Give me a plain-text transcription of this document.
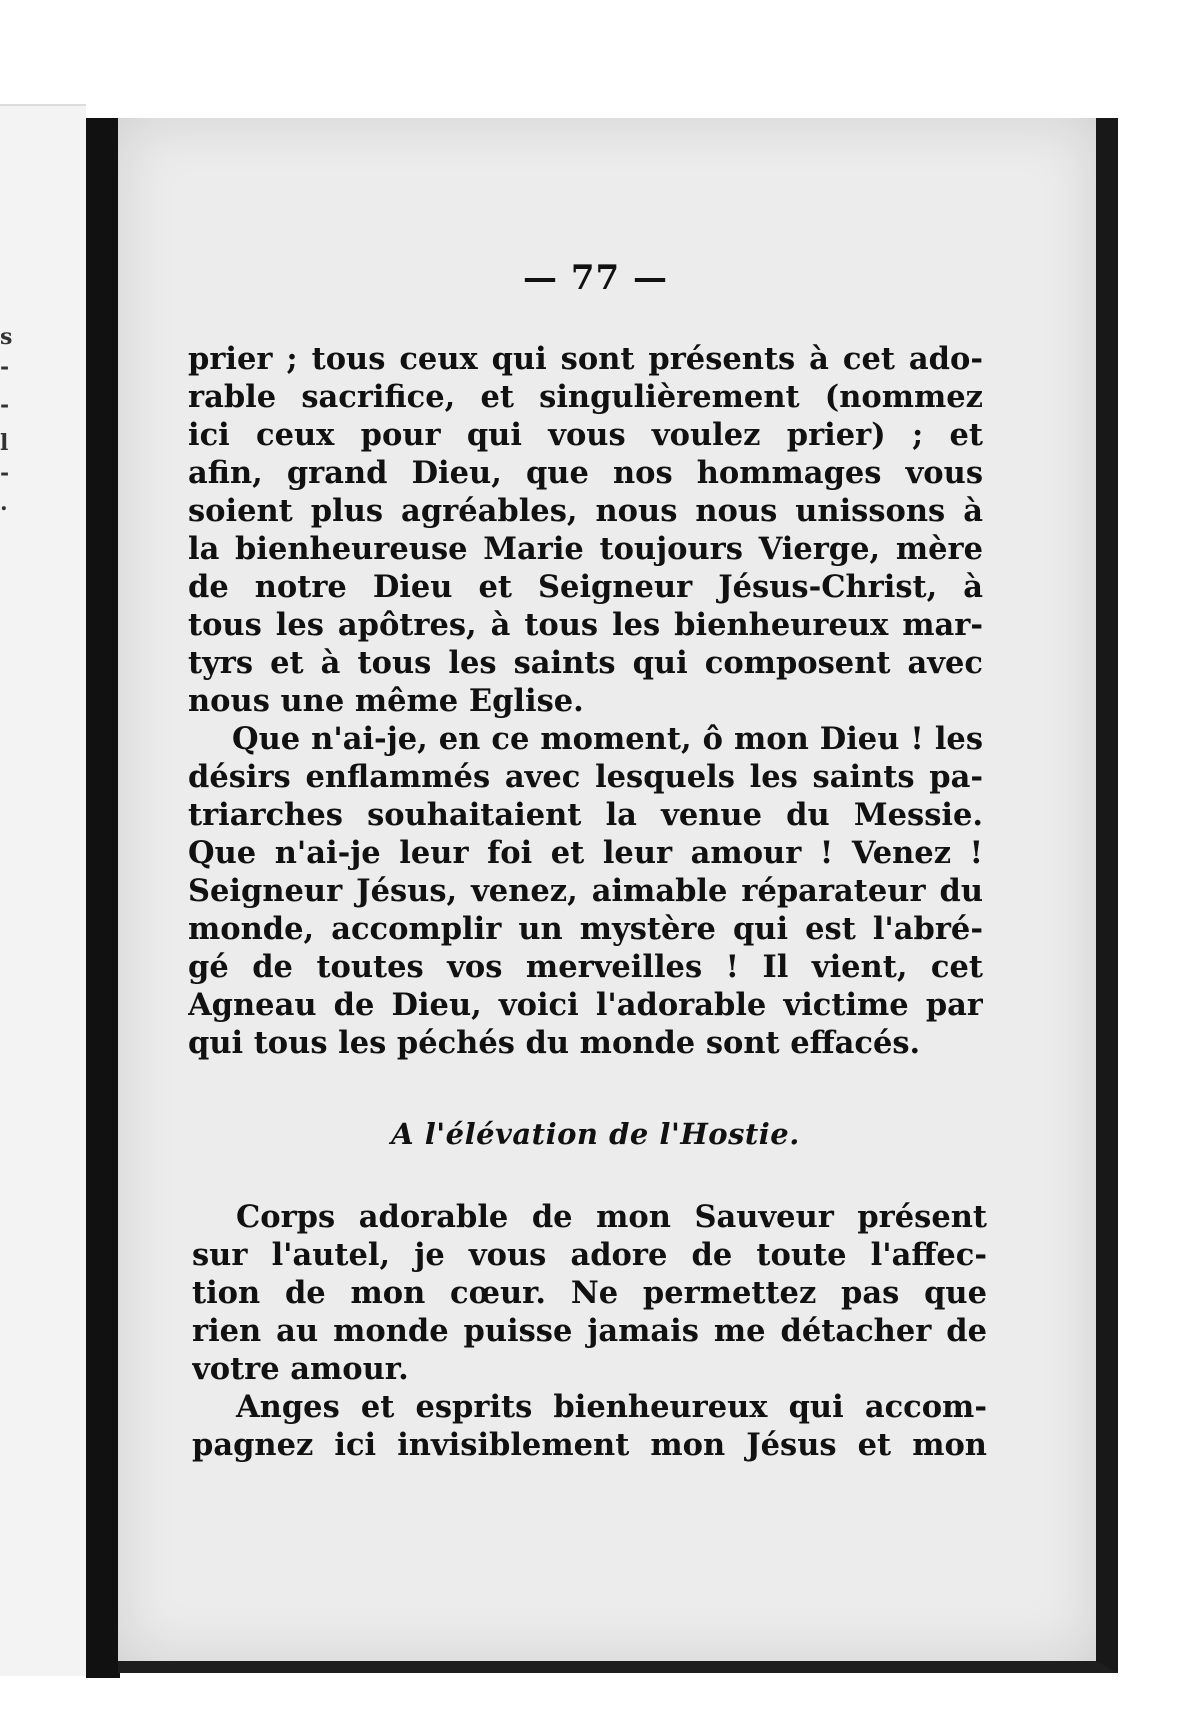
s
-
-
l
-
.
— 77 —
prier ; tous ceux qui sont présents à cet ado-
rable sacrifice, et singulièrement (nommez
ici ceux pour qui vous voulez prier) ; et
afin, grand Dieu, que nos hommages vous
soient plus agréables, nous nous unissons à
la bienheureuse Marie toujours Vierge, mère
de notre Dieu et Seigneur Jésus-Christ, à
tous les apôtres, à tous les bienheureux mar-
tyrs et à tous les saints qui composent avec
nous une même Eglise.
Que n'ai-je, en ce moment, ô mon Dieu ! les
désirs enflammés avec lesquels les saints pa-
triarches souhaitaient la venue du Messie.
Que n'ai-je leur foi et leur amour ! Venez !
Seigneur Jésus, venez, aimable réparateur du
monde, accomplir un mystère qui est l'abré-
gé de toutes vos merveilles ! Il vient, cet
Agneau de Dieu, voici l'adorable victime par
qui tous les péchés du monde sont effacés.
A l'élévation de l'Hostie.
Corps adorable de mon Sauveur présent
sur l'autel, je vous adore de toute l'affec-
tion de mon cœur. Ne permettez pas que
rien au monde puisse jamais me détacher de
votre amour.
Anges et esprits bienheureux qui accom-
pagnez ici invisiblement mon Jésus et mon
